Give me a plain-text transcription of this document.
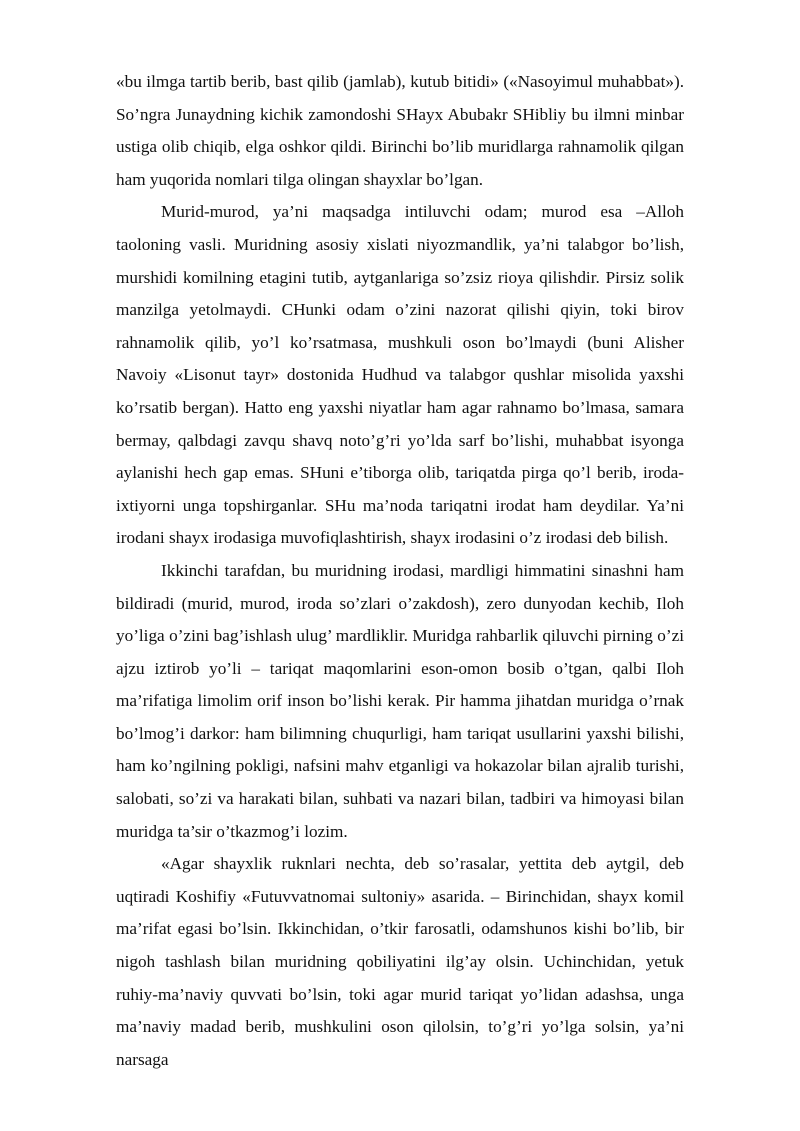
«bu ilmga tartib berib, bast qilib (jamlab), kutub bitidi» («Nasoyimul muhabbat»). So’ngra Junaydning kichik zamondoshi SHayx Abubakr SHibliy bu ilmni minbar ustiga olib chiqib, elga oshkor qildi. Birinchi bo’lib muridlarga rahnamolik qilgan ham yuqorida nomlari tilga olingan shayxlar bo’lgan.

Murid-murod, ya’ni maqsadga intiluvchi odam; murod esa –Alloh taoloning vasli. Muridning asosiy xislati niyozmandlik, ya’ni talabgor bo’lish, murshidi komilning etagini tutib, aytganlariga so’zsiz rioya qilishdir. Pirsiz solik manzilga yetolmaydi. CHunki odam o’zini nazorat qilishi qiyin, toki birov rahnamolik qilib, yo’l ko’rsatmasa, mushkuli oson bo’lmaydi (buni Alisher Navoiy «Lisonut tayr» dostonida Hudhud va talabgor qushlar misolida yaxshi ko’rsatib bergan). Hatto eng yaxshi niyatlar ham agar rahnamo bo’lmasa, samara bermay, qalbdagi zavqu shavq noto’g’ri yo’lda sarf bo’lishi, muhabbat isyonga aylanishi hech gap emas. SHuni e’tiborga olib, tariqatda pirga qo’l berib, iroda-ixtiyorni unga topshirganlar. SHu ma’noda tariqatni irodat ham deydilar. Ya’ni irodani shayx irodasiga muvofiqlashtirish, shayx irodasini o’z irodasi deb bilish.

Ikkinchi tarafdan, bu muridning irodasi, mardligi himmatini sinashni ham bildiradi (murid, murod, iroda so’zlari o’zakdosh), zero dunyodan kechib, Iloh yo’liga o’zini bag’ishlash ulug’ mardliklir. Muridga rahbarlik qiluvchi pirning o’zi ajzu iztirob yo’li – tariqat maqomlarini eson-omon bosib o’tgan, qalbi Iloh ma’rifatiga limolim orif inson bo’lishi kerak. Pir hamma jihatdan muridga o’rnak bo’lmog’i darkor: ham bilimning chuqurligi, ham tariqat usullarini yaxshi bilishi, ham ko’ngilning pokligi, nafsini mahv etganligi va hokazolar bilan ajralib turishi, salobati, so’zi va harakati bilan, suhbati va nazari bilan, tadbiri va himoyasi bilan muridga ta’sir o’tkazmog’i lozim.

«Agar shayxlik ruknlari nechta, deb so’rasalar, yettita deb aytgil, deb uqtiradi Koshifiy «Futuvvatnomai sultoniy» asarida. – Birinchidan, shayx komil ma’rifat egasi bo’lsin. Ikkinchidan, o’tkir farosatli, odamshunos kishi bo’lib, bir nigoh tashlash bilan muridning qobiliyatini ilg’ay olsin. Uchinchidan, yetuk ruhiy-ma’naviy quvvati bo’lsin, toki agar murid tariqat yo’lidan adashsa, unga ma’naviy madad berib, mushkulini oson qilolsin, to’g’ri yo’lga solsin, ya’ni narsaga
